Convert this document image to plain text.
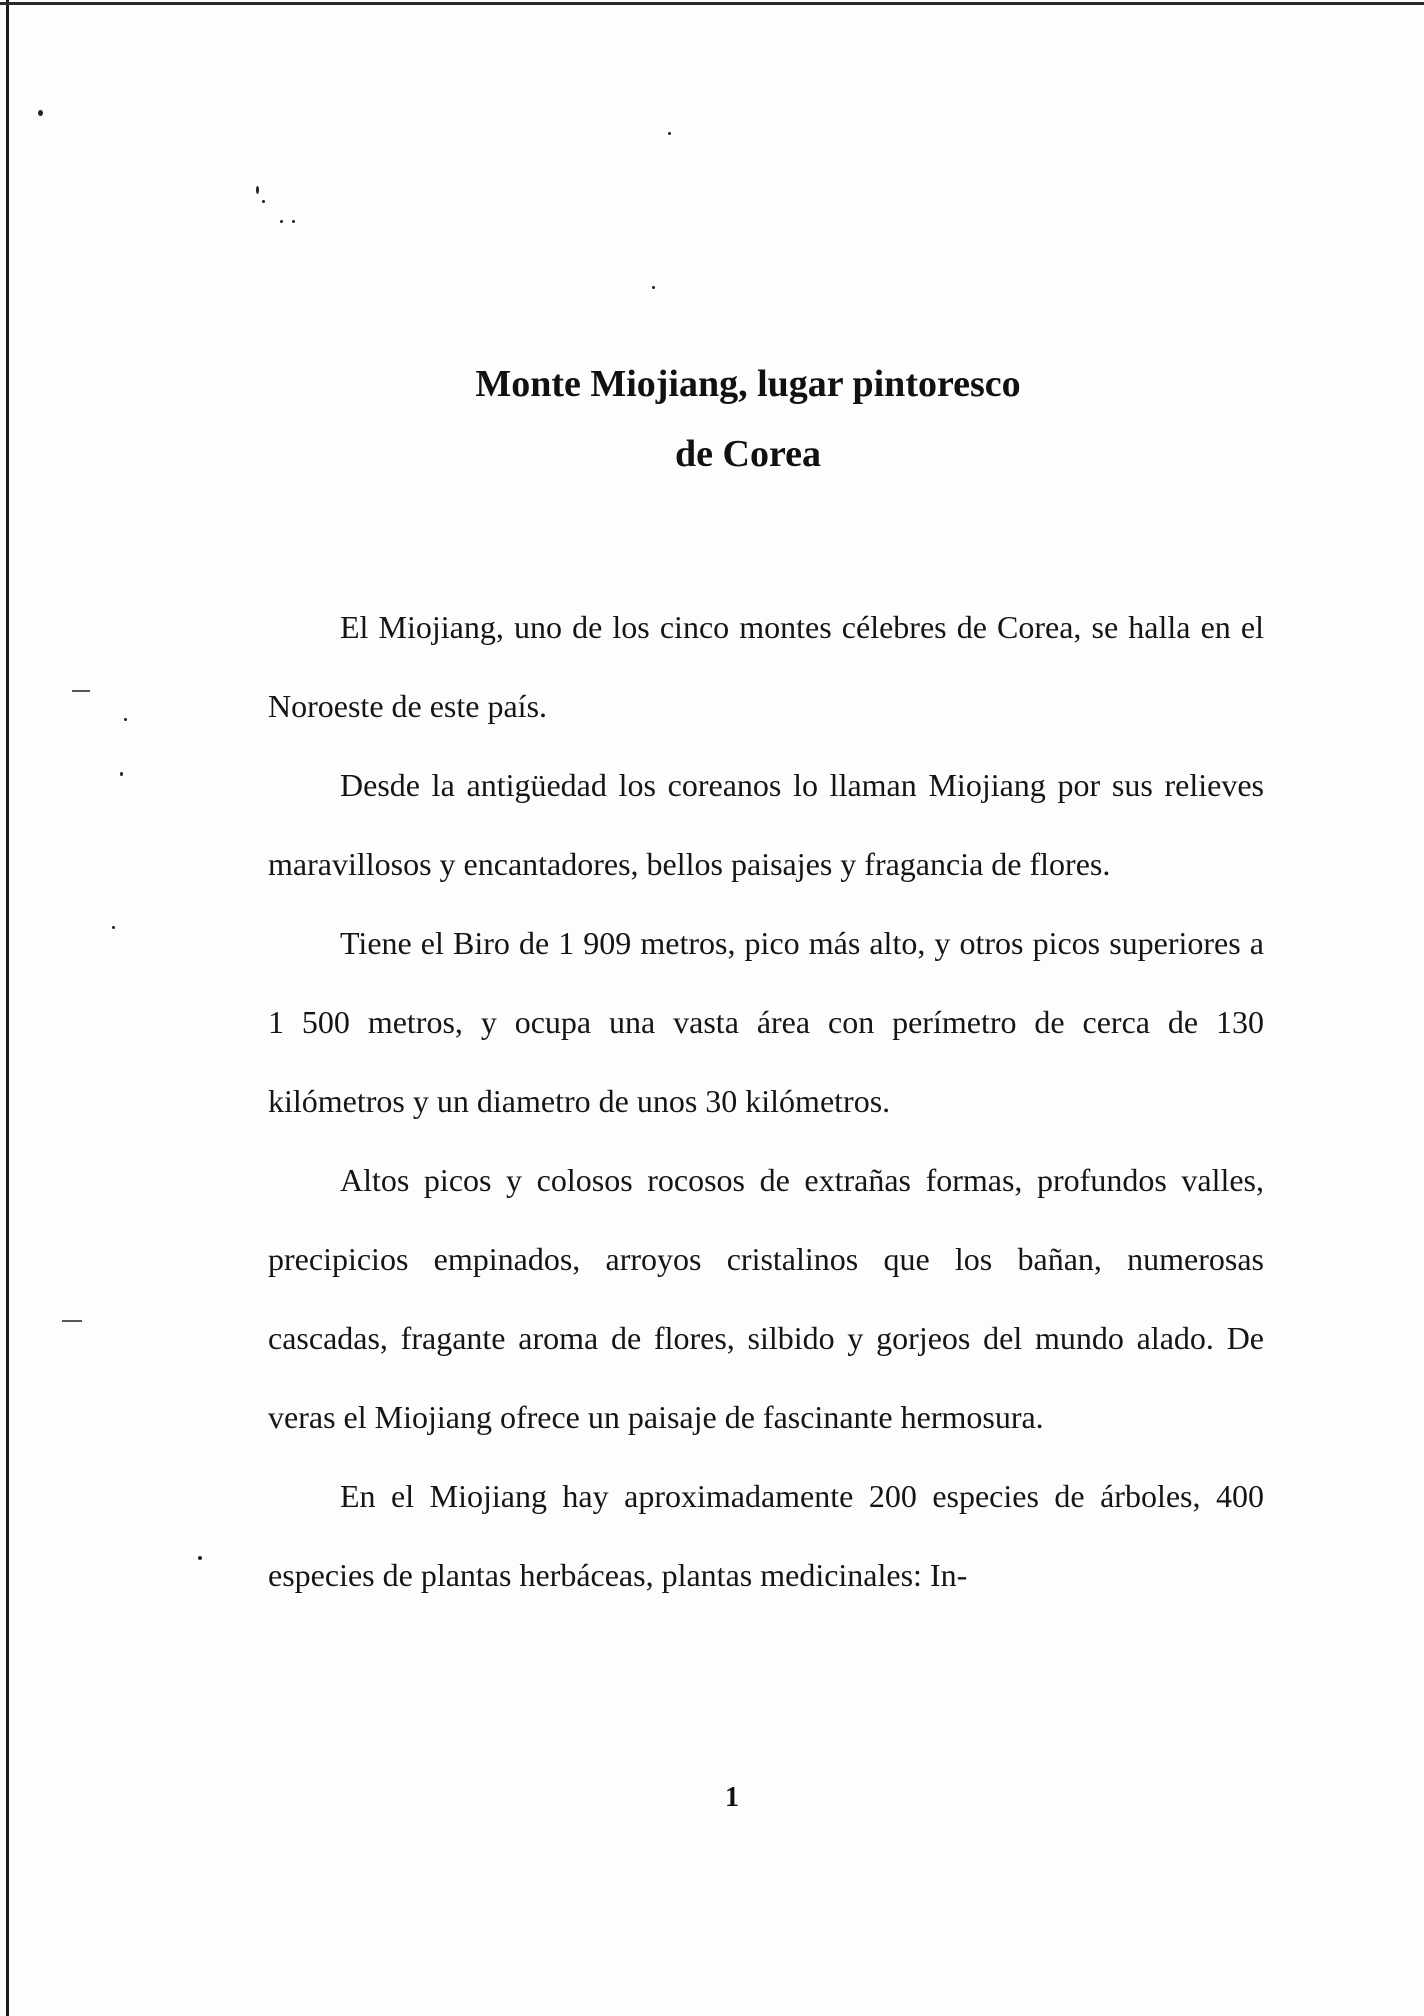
Monte Miojiang, lugar pintoresco
de Corea

El Miojiang, uno de los cinco montes célebres de Corea, se halla en el Noroeste de este país.

Desde la antigüedad los coreanos lo llaman Miojiang por sus relieves maravillosos y encantadores, bellos paisajes y fragancia de flores.

Tiene el Biro de 1 909 metros, pico más alto, y otros picos superiores a 1 500 metros, y ocupa una vasta área con perímetro de cerca de 130 kilómetros y un diametro de unos 30 kilómetros.

Altos picos y colosos rocosos de extrañas formas, profundos valles, precipicios empinados, arroyos cristalinos que los bañan, numerosas cascadas, fragante aroma de flores, silbido y gorjeos del mundo alado. De veras el Miojiang ofrece un paisaje de fascinante hermosura.

En el Miojiang hay aproximadamente 200 especies de árboles, 400 especies de plantas herbáceas, plantas medicinales: In-

1
